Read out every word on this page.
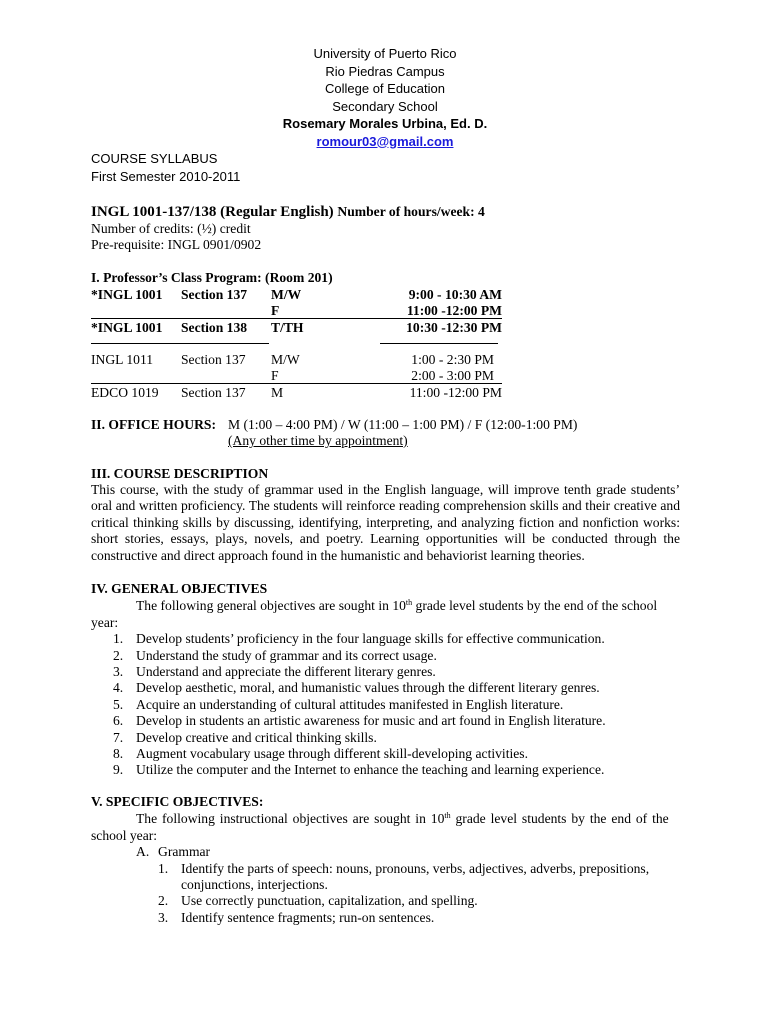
University of Puerto Rico
Rio Piedras Campus
College of Education
Secondary School
Rosemary Morales Urbina, Ed. D.
romour03@gmail.com
COURSE SYLLABUS
First Semester 2010-2011
INGL 1001-137/138 (Regular English) Number of hours/week: 4
Number of credits: (½) credit
Pre-requisite: INGL 0901/0902
I. Professor’s Class Program: (Room 201)
*INGL 1001 Section 137 M/W	9:00 - 10:30 AM
F	11:00 -12:00 PM
*INGL 1001 Section 138 T/TH	10:30 -12:30 PM
INGL 1011 Section 137 M/W	1:00 - 2:30 PM
F	2:00 - 3:00 PM
EDCO 1019 Section 137 M	11:00 -12:00 PM
II. OFFICE HOURS: M (1:00 – 4:00 PM) / W (11:00 – 1:00 PM) / F (12:00-1:00 PM)
(Any other time by appointment)
III. COURSE DESCRIPTION
This course, with the study of grammar used in the English language, will improve tenth grade students’ oral and written proficiency. The students will reinforce reading comprehension skills and their creative and critical thinking skills by discussing, identifying, interpreting, and analyzing fiction and nonfiction works: short stories, essays, plays, novels, and poetry. Learning opportunities will be conducted through the constructive and direct approach found in the humanistic and behaviorist learning theories.
IV. GENERAL OBJECTIVES
The following general objectives are sought in 10th grade level students by the end of the school
year:
1. Develop students’ proficiency in the four language skills for effective communication.
2. Understand the study of grammar and its correct usage.
3. Understand and appreciate the different literary genres.
4. Develop aesthetic, moral, and humanistic values through the different literary genres.
5. Acquire an understanding of cultural attitudes manifested in English literature.
6. Develop in students an artistic awareness for music and art found in English literature.
7. Develop creative and critical thinking skills.
8. Augment vocabulary usage through different skill-developing activities.
9. Utilize the computer and the Internet to enhance the teaching and learning experience.
V. SPECIFIC OBJECTIVES:
The following instructional objectives are sought in 10th grade level students by the end of the
school year:
A. Grammar
1. Identify the parts of speech: nouns, pronouns, verbs, adjectives, adverbs, prepositions,
conjunctions, interjections.
2. Use correctly punctuation, capitalization, and spelling.
3. Identify sentence fragments; run-on sentences.
